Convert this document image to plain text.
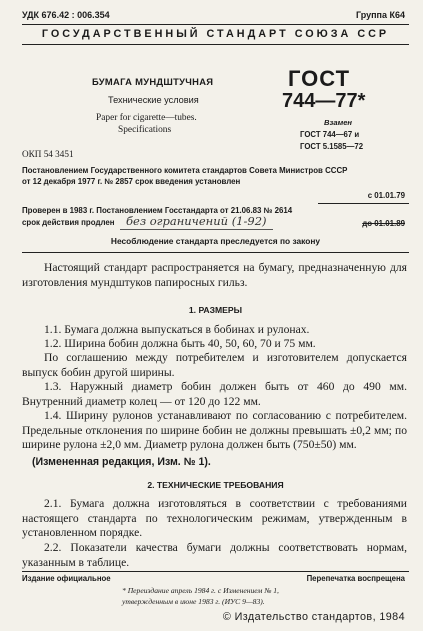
УДК 676.42 : 006.354	Группа К64
ГОСУДАРСТВЕННЫЙ СТАНДАРТ СОЮЗА ССР
БУМАГА МУНДШТУЧНАЯ
Технические условия
Paper for cigarette—tubes.
Specifications
ОКП 54 3451
ГОСТ
744—77*
Взамен
ГОСТ 744—67 и
ГОСТ 5.1585—72
Постановлением Государственного комитета стандартов Совета Министров СССР
от 12 декабря 1977 г. № 2857 срок введения установлен
с 01.01.79
Проверен в 1983 г. Постановлением Госстандарта от 21.06.83 № 2614
срок действия продлен без ограничений (1-92)	до 01.01.89
Несоблюдение стандарта преследуется по закону
Настоящий стандарт распространяется на бумагу, предназначенную для изготовления мундштуков папиросных гильз.
1. РАЗМЕРЫ
1.1. Бумага должна выпускаться в бобинах и рулонах.
1.2. Ширина бобин должна быть 40, 50, 60, 70 и 75 мм.
По соглашению между потребителем и изготовителем допускается выпуск бобин другой ширины.
1.3. Наружный диаметр бобин должен быть от 460 до 490 мм. Внутренний диаметр колец — от 120 до 122 мм.
1.4. Ширину рулонов устанавливают по согласованию с потребителем. Предельные отклонения по ширине бобин не должны превышать ±0,2 мм; по ширине рулона ±2,0 мм. Диаметр рулона должен быть (750±50) мм.
(Измененная редакция, Изм. № 1).
2. ТЕХНИЧЕСКИЕ ТРЕБОВАНИЯ
2.1. Бумага должна изготовляться в соответствии с требованиями настоящего стандарта по технологическим режимам, утвержденным в установленном порядке.
2.2. Показатели качества бумаги должны соответствовать нормам, указанным в таблице.
Издание официальное	Перепечатка воспрещена
* Переиздание апрель 1984 г. с Изменением № 1,
утвержденным в июне 1983 г. (ИУС 9—83).
© Издательство стандартов, 1984
